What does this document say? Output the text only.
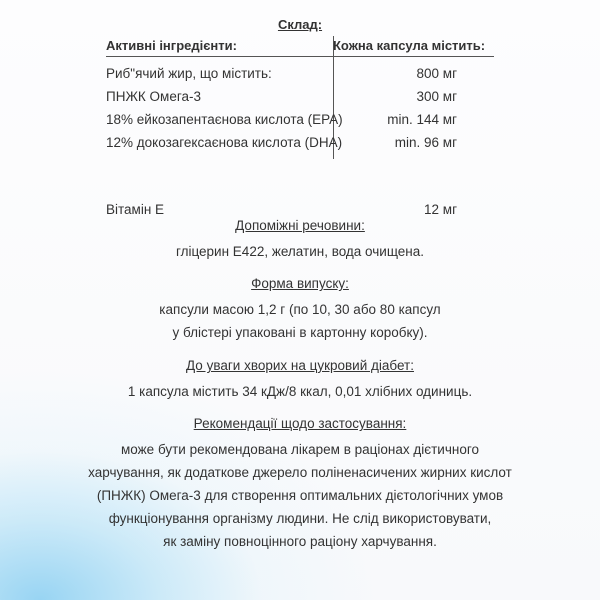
Склад:
Активні інгредієнти:	Кожна капсула містить:
Риб"ячий жир, що містить:	800 мг
ПНЖК Омега-3	300 мг
18% ейкозапентаєнова кислота (EPA)	min. 144 мг
12% докозагексаєнова кислота (DHA)	min. 96 мг
Вітамін Е	12 мг
Допоміжні речовини:
гліцерин Е422, желатин, вода очищена.
Форма випуску:
капсули масою 1,2 г (по 10, 30 або 80 капсул
у блістері упаковані в картонну коробку).
До уваги хворих на цукровий діабет:
1 капсула містить 34 кДж/8 ккал, 0,01 хлібних одиниць.
Рекомендації щодо застосування:
може бути рекомендована лікарем в раціонах дієтичного
харчування, як додаткове джерело поліненасичених жирних кислот
(ПНЖК) Омега-3 для створення оптимальних дієтологічних умов
функціонування організму людини. Не слід використовувати,
як заміну повноцінного раціону харчування.
